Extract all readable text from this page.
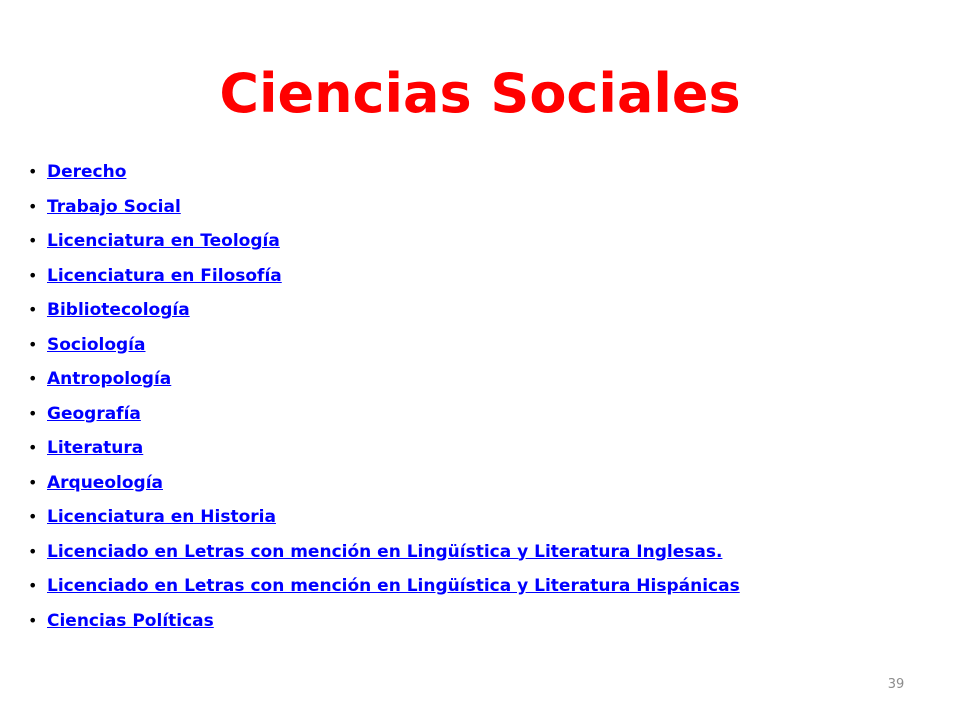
Ciencias Sociales
• Derecho
• Trabajo Social
• Licenciatura en Teología
• Licenciatura en Filosofía
• Bibliotecología
• Sociología
• Antropología
• Geografía
• Literatura
• Arqueología
• Licenciatura en Historia
• Licenciado en Letras con mención en Lingüística y Literatura Inglesas.
• Licenciado en Letras con mención en Lingüística y Literatura Hispánicas
• Ciencias Políticas
39
